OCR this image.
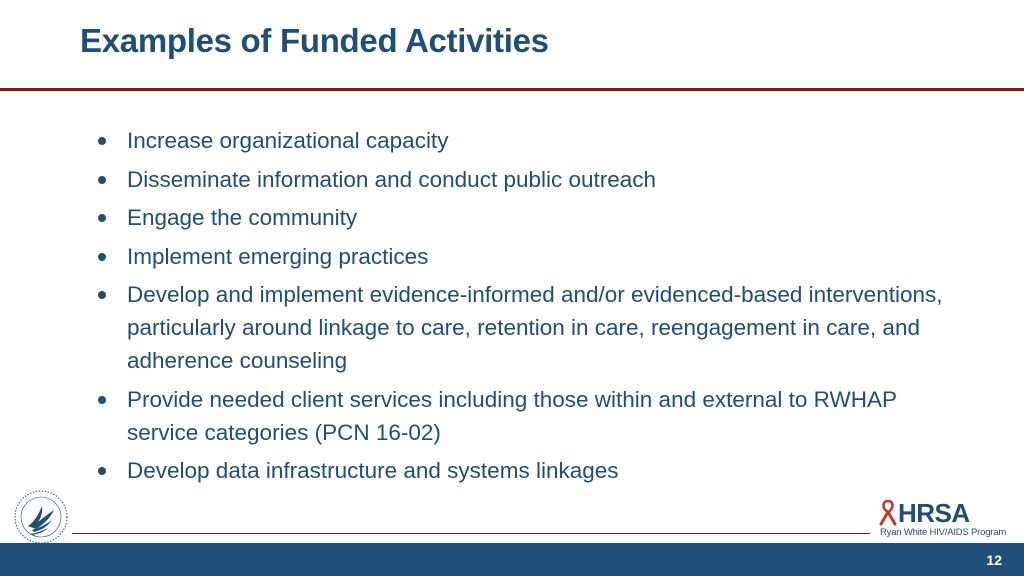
Examples of Funded Activities
Increase organizational capacity
Disseminate information and conduct public outreach
Engage the community
Implement emerging practices
Develop and implement evidence-informed and/or evidenced-based interventions, particularly around linkage to care, retention in care, reengagement in care, and adherence counseling
Provide needed client services including those within and external to RWHAP service categories (PCN 16-02)
Develop data infrastructure and systems linkages
HRSA
Ryan White HIV/AIDS Program
12
